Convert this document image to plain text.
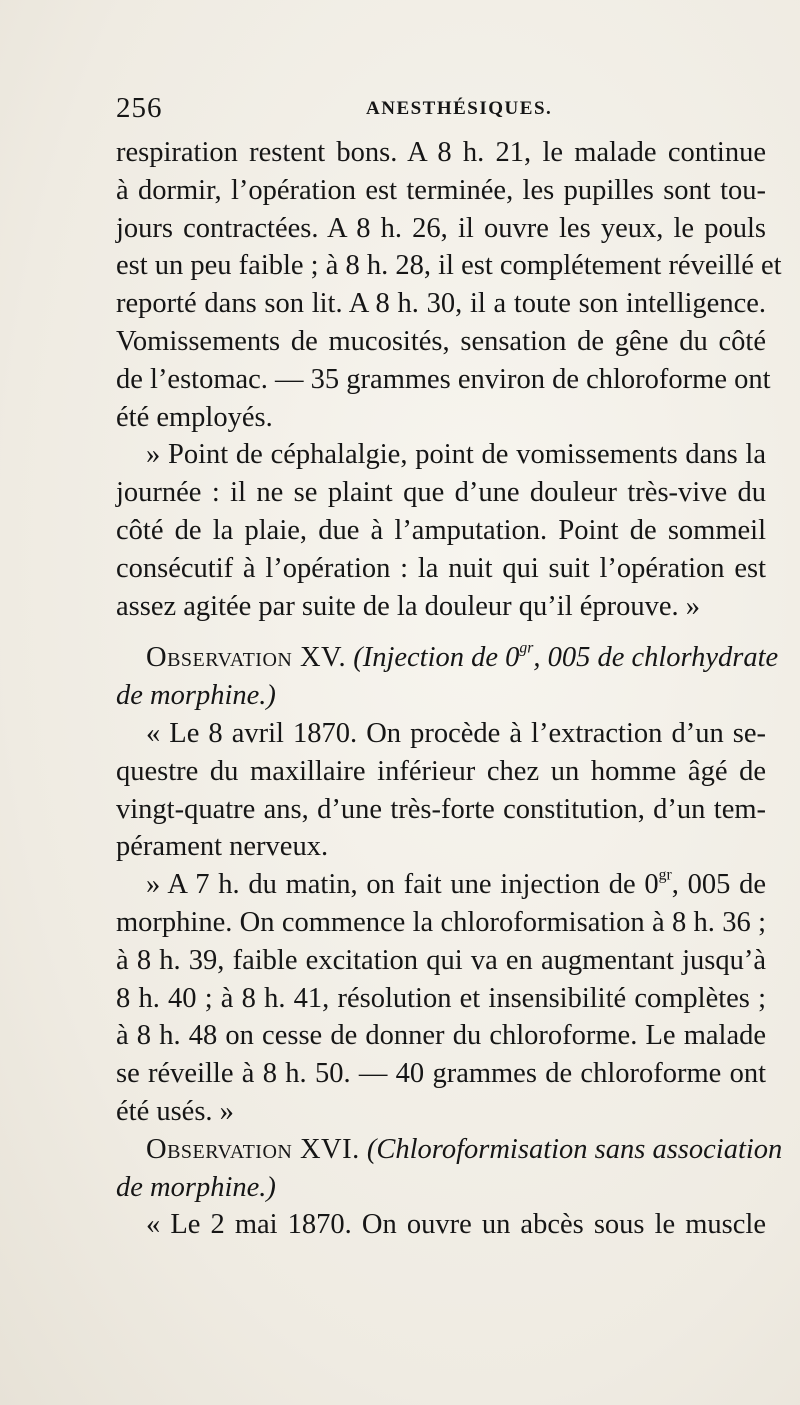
256	ANESTHÉSIQUES.
respiration restent bons. A 8 h. 21, le malade continue
à dormir, l’opération est terminée, les pupilles sont tou-
jours contractées. A 8 h. 26, il ouvre les yeux, le pouls
est un peu faible ; à 8 h. 28, il est complétement réveillé et
reporté dans son lit. A 8 h. 30, il a toute son intelligence.
Vomissements de mucosités, sensation de gêne du côté
de l’estomac. — 35 grammes environ de chloroforme ont
été employés.
» Point de céphalalgie, point de vomissements dans la
journée : il ne se plaint que d’une douleur très-vive du
côté de la plaie, due à l’amputation. Point de sommeil
consécutif à l’opération : la nuit qui suit l’opération est
assez agitée par suite de la douleur qu’il éprouve. »
Observation XV. (Injection de $0^{gr}$, 005 de chlorhydrate
de morphine.)
« Le 8 avril 1870. On procède à l’extraction d’un se-
questre du maxillaire inférieur chez un homme âgé de
vingt-quatre ans, d’une très-forte constitution, d’un tem-
pérament nerveux.
» A 7 h. du matin, on fait une injection de $0^{gr}$, 005 de
morphine. On commence la chloroformisation à 8 h. 36 ;
à 8 h. 39, faible excitation qui va en augmentant jusqu’à
8 h. 40 ; à 8 h. 41, résolution et insensibilité complètes ;
à 8 h. 48 on cesse de donner du chloroforme. Le malade
se réveille à 8 h. 50. — 40 grammes de chloroforme ont
été usés. »
Observation XVI. (Chloroformisation sans association
de morphine.)
« Le 2 mai 1870. On ouvre un abcès sous le muscle
